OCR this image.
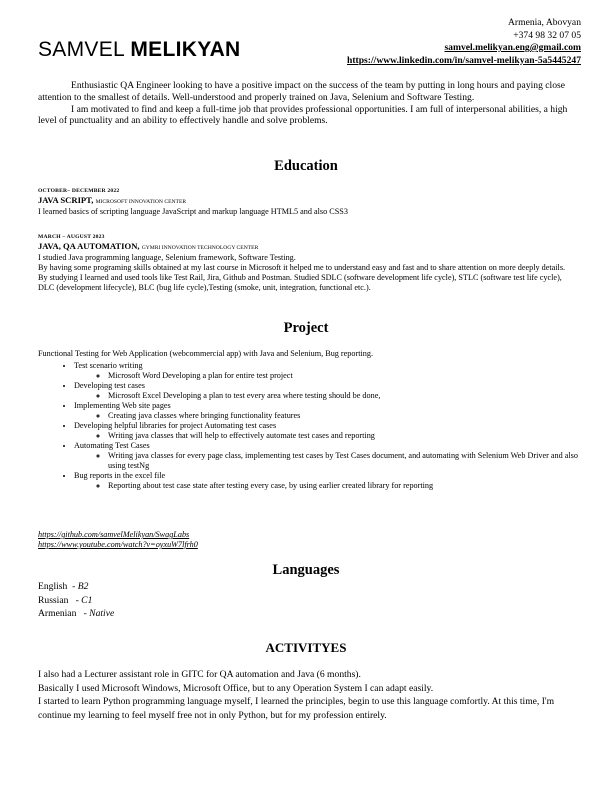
Armenia, Abovyan
+374 98 32 07 05
samvel.melikyan.eng@gmail.com
https://www.linkedin.com/in/samvel-melikyan-5a5445247
SAMVEL MELIKYAN

Enthusiastic QA Engineer looking to have a positive impact on the success of the team by putting in long hours and paying close attention to the smallest of details. Well-understood and properly trained on Java, Selenium and Software Testing.

I am motivated to find and keep a full-time job that provides professional opportunities. I am full of interpersonal abilities, a high level of punctuality and an ability to effectively handle and solve problems.

Education
OCTOBER– DECEMBER 2022
JAVA SCRIPT, MICROSOFT INNOVATION CENTER

I learned basics of scripting language JavaScript and markup language HTML5 and also CSS3

MARCH – AUGUST 2023
JAVA, QA AUTOMATION, GYMRI INNOVATION TECHNOLOGY CENTER

I studied Java programming language, Selenium framework, Software Testing.

By having some programing skills obtained at my last course in Microsoft it helped me to understand easy and fast and to share attention on more deeply details.

By studying I learned and used tools like Test Rail, Jira, Github and Postman. Studied SDLC (software development life cycle), STLC (software test life cycle), DLC (development lifecycle), BLC (bug life cycle),Testing (smoke, unit, integration, functional etc.).

Project

Functional Testing for Web Application (webcommercial app) with Java and Selenium, Bug reporting.

• Test scenario writing
◦ Microsoft Word Developing a plan for entire test project
• Developing test cases
◦ Microsoft Excel Developing a plan to test every area where testing should be done,
• Implementing Web site pages
◦ Creating java classes where bringing functionality features
• Developing helpful libraries for project Automating test cases
◦ Writing java classes that will help to effectively automate test cases and reporting
• Automating Test Cases
◦ Writing java classes for every page class, implementing test cases by Test Cases document, and automating with Selenium Web Driver and also using testNg
• Bug reports in the excel file
◦ Reporting about test case state after testing every case, by using earlier created library for reporting
https://github.com/samvelMelikyan/SwagLabs
https://www.youtube.com/watch?v=oyxuW7lfrh0
Languages
English - B2
Russian - C1
Armenian - Native
ACTIVITYES

I also had a Lecturer assistant role in GITC for QA automation and Java (6 months).

Basically I used Microsoft Windows, Microsoft Office, but to any Operation System I can adapt easily.

I started to learn Python programming language myself, I learned the principles, begin to use this language comfortly. At this time, I'm continue my learning to feel myself free not in only Python, but for my profession entirely.
